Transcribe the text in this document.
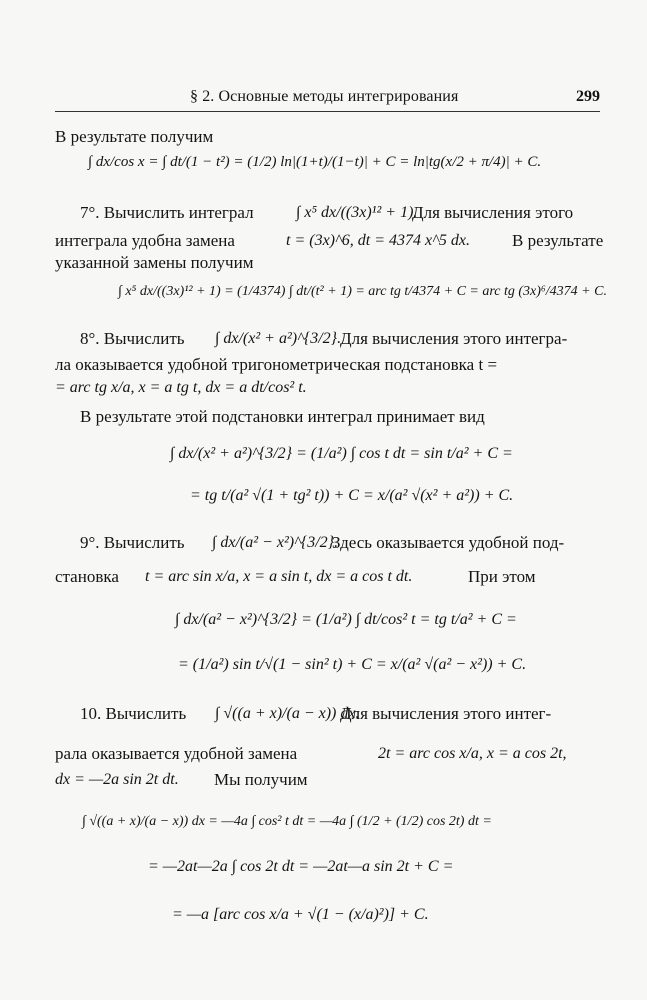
§ 2. Основные методы интегрирования	299
В результате получим
∫ dx/cos x = ∫ dt/(1 − t²) = (1/2) ln|(1+t)/(1−t)| + C = ln|tg(x/2 + π/4)| + C.
7°. Вычислить интеграл	∫ x⁵ dx/((3x)¹² + 1).
Для вычисления этого
интеграла удобна замена	t = (3x)^6, dt = 4374 x^5 dx. В результате
указанной замены получим
∫ x⁵ dx/((3x)¹² + 1) = (1/4374) ∫ dt/(t² + 1) = arc tg t/4374 + C = arc tg (3x)⁶/4374 + C.
8°. Вычислить ∫ dx/(x² + a²)^{3/2}.
Для вычисления этого интегра-
ла оказывается удобной тригонометрическая подстановка t =
= arc tg x/a, x = a tg t, dx = a dt/cos² t.
В результате этой подстановки интеграл принимает вид
∫ dx/(x² + a²)^{3/2} = (1/a²) ∫ cos t dt = sin t/a² + C =
= tg t/(a² √(1 + tg² t)) + C = x/(a² √(x² + a²)) + C.
9°. Вычислить ∫ dx/(a² − x²)^{3/2}.
Здесь оказывается удобной под-
становка t = arc sin x/a, x = a sin t, dx = a cos t dt.	При этом
∫ dx/(a² − x²)^{3/2} = (1/a²) ∫ dt/cos² t = tg t/a² + C =
= (1/a²) sin t/√(1 − sin² t) + C = x/(a² √(a² − x²)) + C.
10. Вычислить ∫ √((a + x)/(a − x)) dx.
Для вычисления этого интег-
рала оказывается удобной замена	2t = arc cos x/a, x = a cos 2t,
dx = —2a sin 2t dt. Мы получим
∫ √((a + x)/(a − x)) dx = —4a ∫ cos² t dt = —4a ∫ (1/2 + (1/2) cos 2t) dt =
= —2at—2a ∫ cos 2t dt = —2at—a sin 2t + C =
= —a [arc cos x/a + √(1 − (x/a)²)] + C.
